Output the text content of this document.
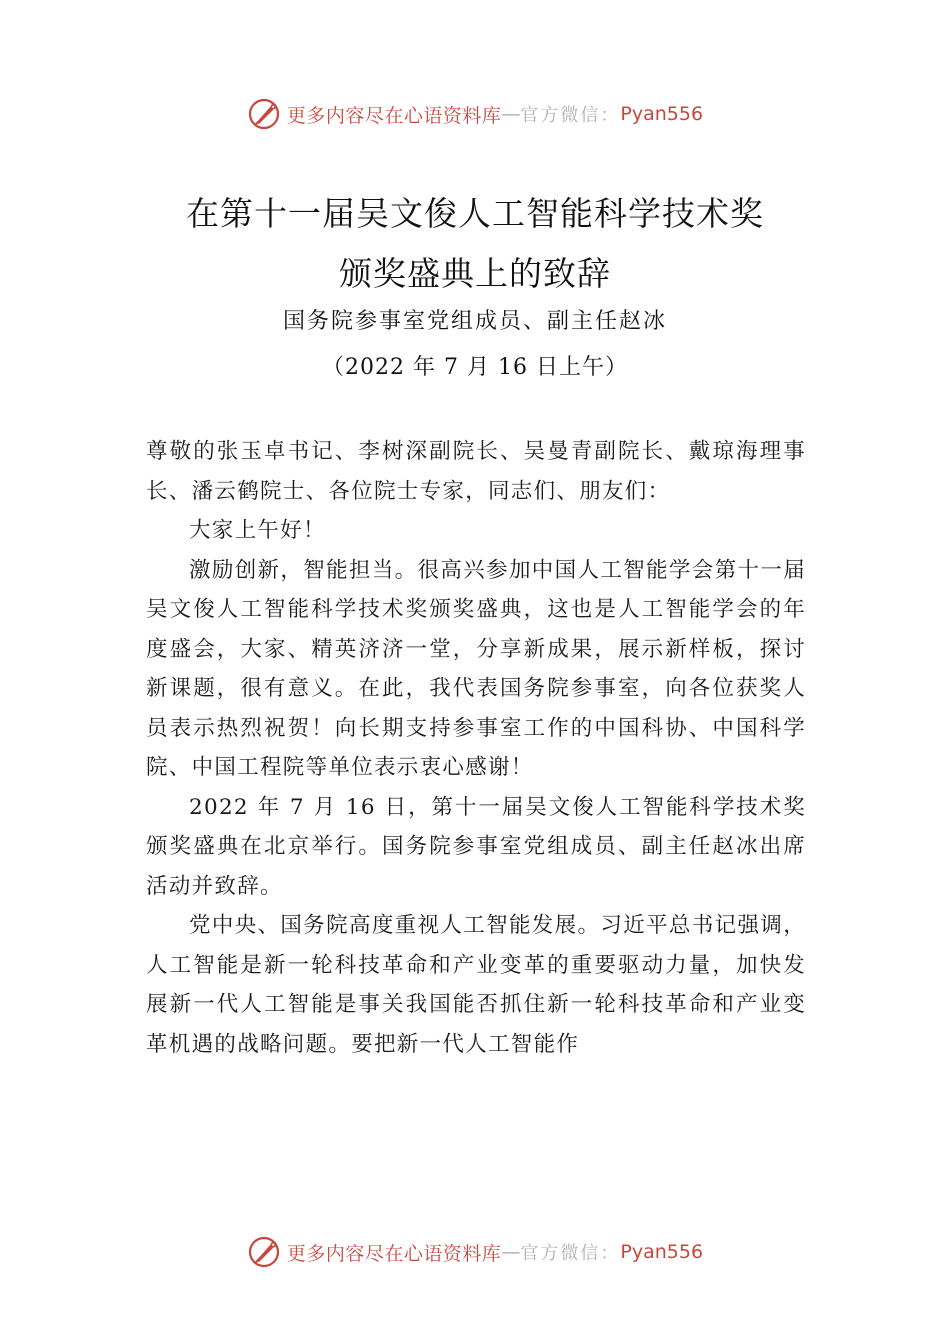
更多内容尽在心语资料库 — 官方微信： Pyan556
在第十一届吴文俊人工智能科学技术奖
颁奖盛典上的致辞
国务院参事室党组成员、副主任赵冰
（2022 年 7 月 16 日上午）

尊敬的张玉卓书记、李树深副院长、吴曼青副院长、戴琼海理事长、潘云鹤院士、各位院士专家，同志们、朋友们：

大家上午好！

激励创新，智能担当。很高兴参加中国人工智能学会第十一届吴文俊人工智能科学技术奖颁奖盛典，这也是人工智能学会的年度盛会，大家、精英济济一堂，分享新成果，展示新样板，探讨新课题，很有意义。在此，我代表国务院参事室，向各位获奖人员表示热烈祝贺！向长期支持参事室工作的中国科协、中国科学院、中国工程院等单位表示衷心感谢！

2022 年 7 月 16 日，第十一届吴文俊人工智能科学技术奖颁奖盛典在北京举行。国务院参事室党组成员、副主任赵冰出席活动并致辞。

党中央、国务院高度重视人工智能发展。习近平总书记强调，人工智能是新一轮科技革命和产业变革的重要驱动力量，加快发展新一代人工智能是事关我国能否抓住新一轮科技革命和产业变革机遇的战略问题。要把新一代人工智能作

更多内容尽在心语资料库 — 官方微信： Pyan556
